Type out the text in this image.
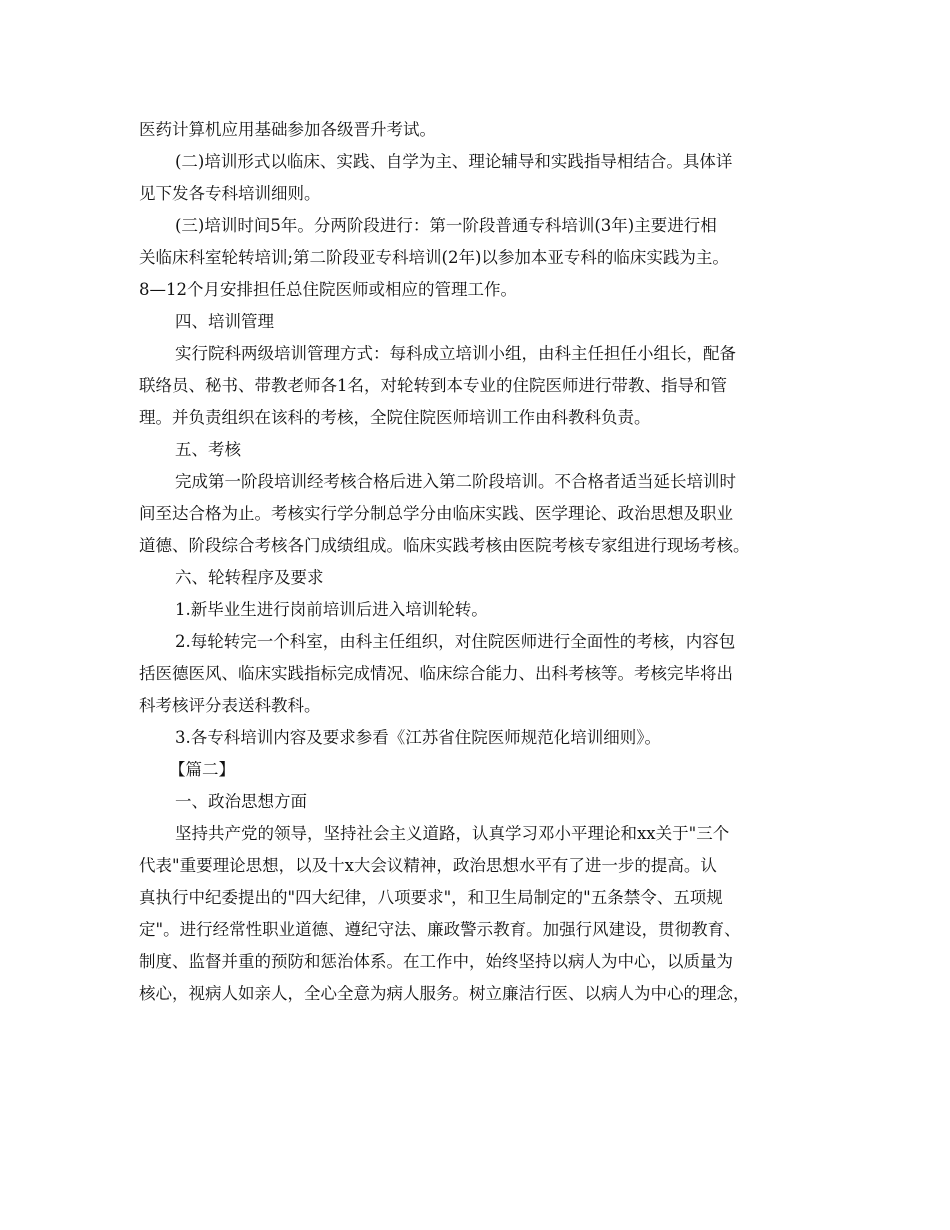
医药计算机应用基础参加各级晋升考试。
(二)培训形式以临床、实践、自学为主、理论辅导和实践指导相结合。具体详
见下发各专科培训细则。
(三)培训时间5年。分两阶段进行：第一阶段普通专科培训(3年)主要进行相
关临床科室轮转培训;第二阶段亚专科培训(2年)以参加本亚专科的临床实践为主。
8—12个月安排担任总住院医师或相应的管理工作。
四、培训管理
实行院科两级培训管理方式：每科成立培训小组，由科主任担任小组长，配备
联络员、秘书、带教老师各1名，对轮转到本专业的住院医师进行带教、指导和管
理。并负责组织在该科的考核，全院住院医师培训工作由科教科负责。
五、考核
完成第一阶段培训经考核合格后进入第二阶段培训。不合格者适当延长培训时
间至达合格为止。考核实行学分制总学分由临床实践、医学理论、政治思想及职业
道德、阶段综合考核各门成绩组成。临床实践考核由医院考核专家组进行现场考核。
六、轮转程序及要求
1.新毕业生进行岗前培训后进入培训轮转。
2.每轮转完一个科室，由科主任组织，对住院医师进行全面性的考核，内容包
括医德医风、临床实践指标完成情况、临床综合能力、出科考核等。考核完毕将出
科考核评分表送科教科。
3.各专科培训内容及要求参看《江苏省住院医师规范化培训细则》。
【篇二】
一、政治思想方面
坚持共产党的领导，坚持社会主义道路，认真学习邓小平理论和xx关于"三个
代表"重要理论思想，以及十x大会议精神，政治思想水平有了进一步的提高。认
真执行中纪委提出的"四大纪律，八项要求"，和卫生局制定的"五条禁令、五项规
定"。进行经常性职业道德、遵纪守法、廉政警示教育。加强行风建设，贯彻教育、
制度、监督并重的预防和惩治体系。在工作中，始终坚持以病人为中心，以质量为
核心，视病人如亲人，全心全意为病人服务。树立廉洁行医、以病人为中心的理念，
